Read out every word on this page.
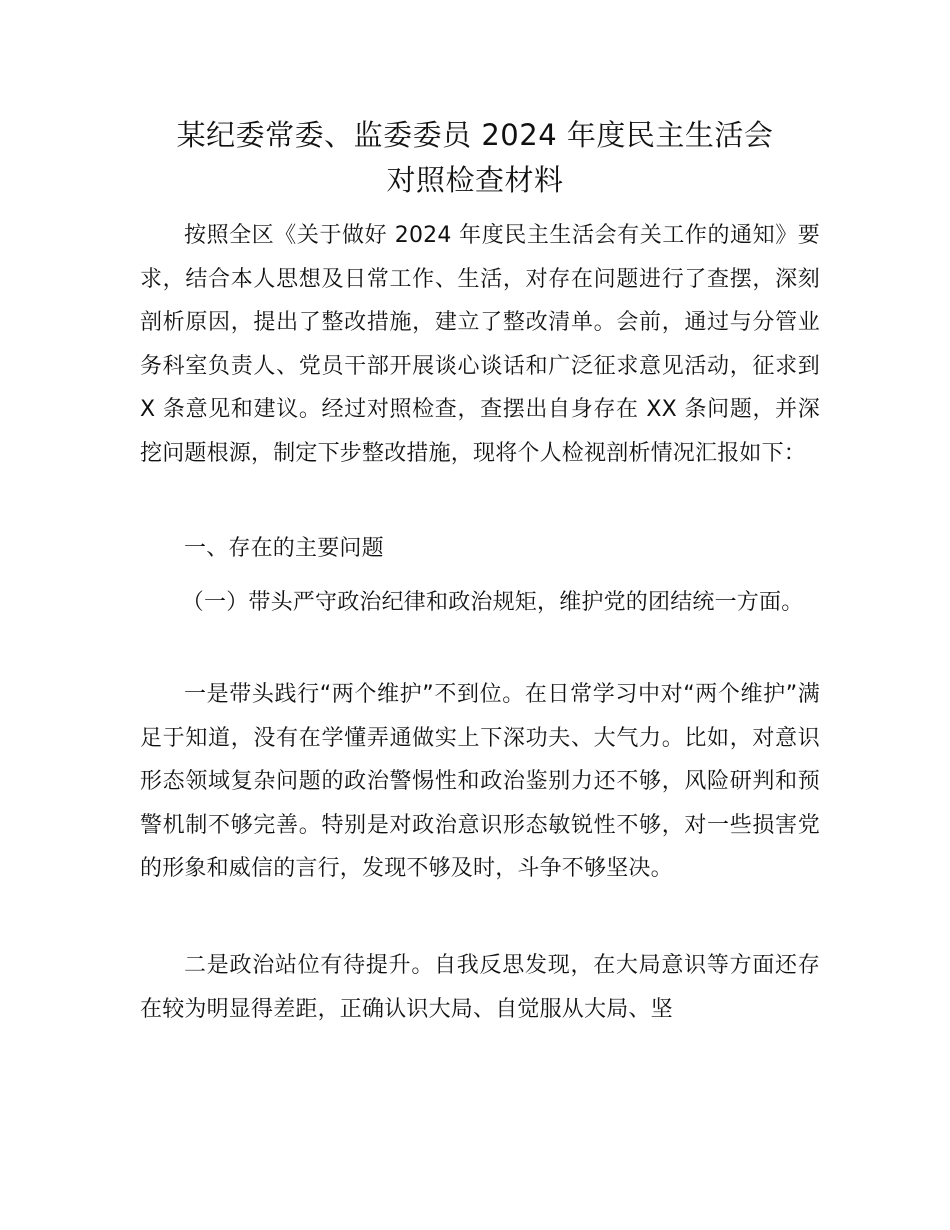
某纪委常委、监委委员 2024 年度民主生活会
对照检查材料

按照全区《关于做好 2024 年度民主生活会有关工作的通知》要求，结合本人思想及日常工作、生活，对存在问题进行了查摆，深刻剖析原因，提出了整改措施，建立了整改清单。会前，通过与分管业务科室负责人、党员干部开展谈心谈话和广泛征求意见活动，征求到 X 条意见和建议。经过对照检查，查摆出自身存在 XX 条问题，并深挖问题根源，制定下步整改措施，现将个人检视剖析情况汇报如下：

一、存在的主要问题

（一）带头严守政治纪律和政治规矩，维护党的团结统一方面。

一是带头践行“两个维护”不到位。在日常学习中对“两个维护”满足于知道，没有在学懂弄通做实上下深功夫、大气力。比如，对意识形态领域复杂问题的政治警惕性和政治鉴别力还不够，风险研判和预警机制不够完善。特别是对政治意识形态敏锐性不够，对一些损害党的形象和威信的言行，发现不够及时，斗争不够坚决。

二是政治站位有待提升。自我反思发现，在大局意识等方面还存在较为明显得差距，正确认识大局、自觉服从大局、坚
